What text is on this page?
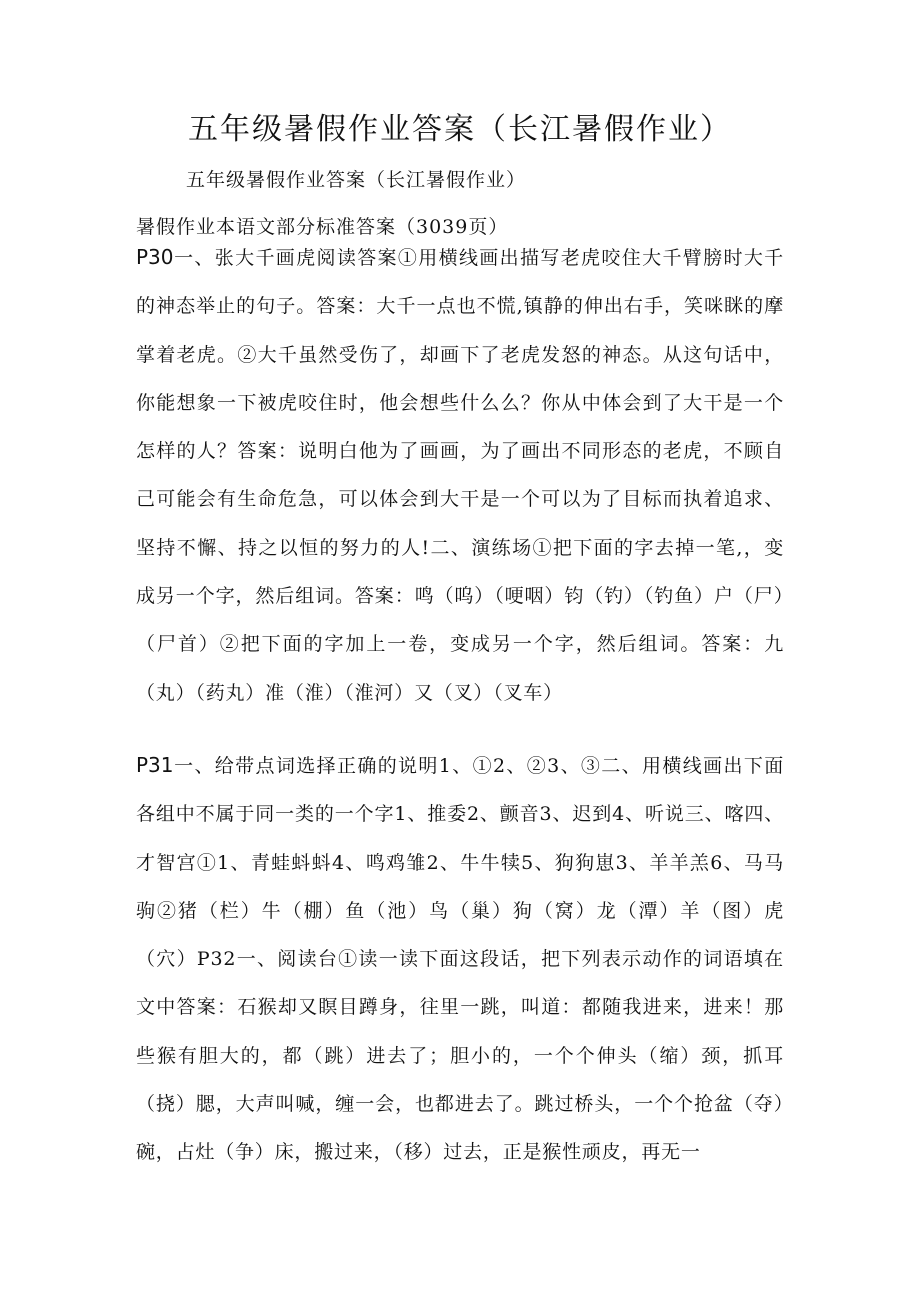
五年级暑假作业答案（长江暑假作业）
五年级暑假作业答案（长江暑假作业）
暑假作业本语文部分标准答案（3039页）

P30一、张大千画虎阅读答案①用横线画出描写老虎咬住大千臂膀时大千的神态举止的句子。答案：大千一点也不慌,镇静的伸出右手，笑咪眯的摩掌着老虎。②大千虽然受伤了，却画下了老虎发怒的神态。从这句话中，你能想象一下被虎咬住时，他会想些什么么？你从中体会到了大干是一个怎样的人？答案：说明白他为了画画，为了画出不同形态的老虎，不顾自己可能会有生命危急，可以体会到大干是一个可以为了目标而执着追求、坚持不懈、持之以恒的努力的人!二、演练场①把下面的字去掉一笔,，变成另一个字，然后组词。答案：鸣（呜）（哽咽）钧（钓）（钓鱼）户（尸）（尸首）②把下面的字加上一卷，变成另一个字，然后组词。答案：九（丸）（药丸）准（淮）（淮河）又（叉）（叉车）

P31一、给带点词选择正确的说明1、①2、②3、③二、用横线画出下面各组中不属于同一类的一个字1、推委2、颤音3、迟到4、听说三、喀四、才智宫①1、青蛙蚪蚪4、鸣鸡雏2、牛牛犊5、狗狗崽3、羊羊羔6、马马驹②猪（栏）牛（棚）鱼（池）鸟（巢）狗（窝）龙（潭）羊（图）虎（穴）P32一、阅读台①读一读下面这段话，把下列表示动作的词语填在文中答案：石猴却又瞑目蹲身，往里一跳，叫道：都随我进来，进来！那些猴有胆大的，都（跳）进去了；胆小的，一个个伸头（缩）颈，抓耳（挠）腮，大声叫喊，缠一会，也都进去了。跳过桥头，一个个抢盆（夺）碗，占灶（争）床，搬过来，（移）过去，正是猴性顽皮，再无一
